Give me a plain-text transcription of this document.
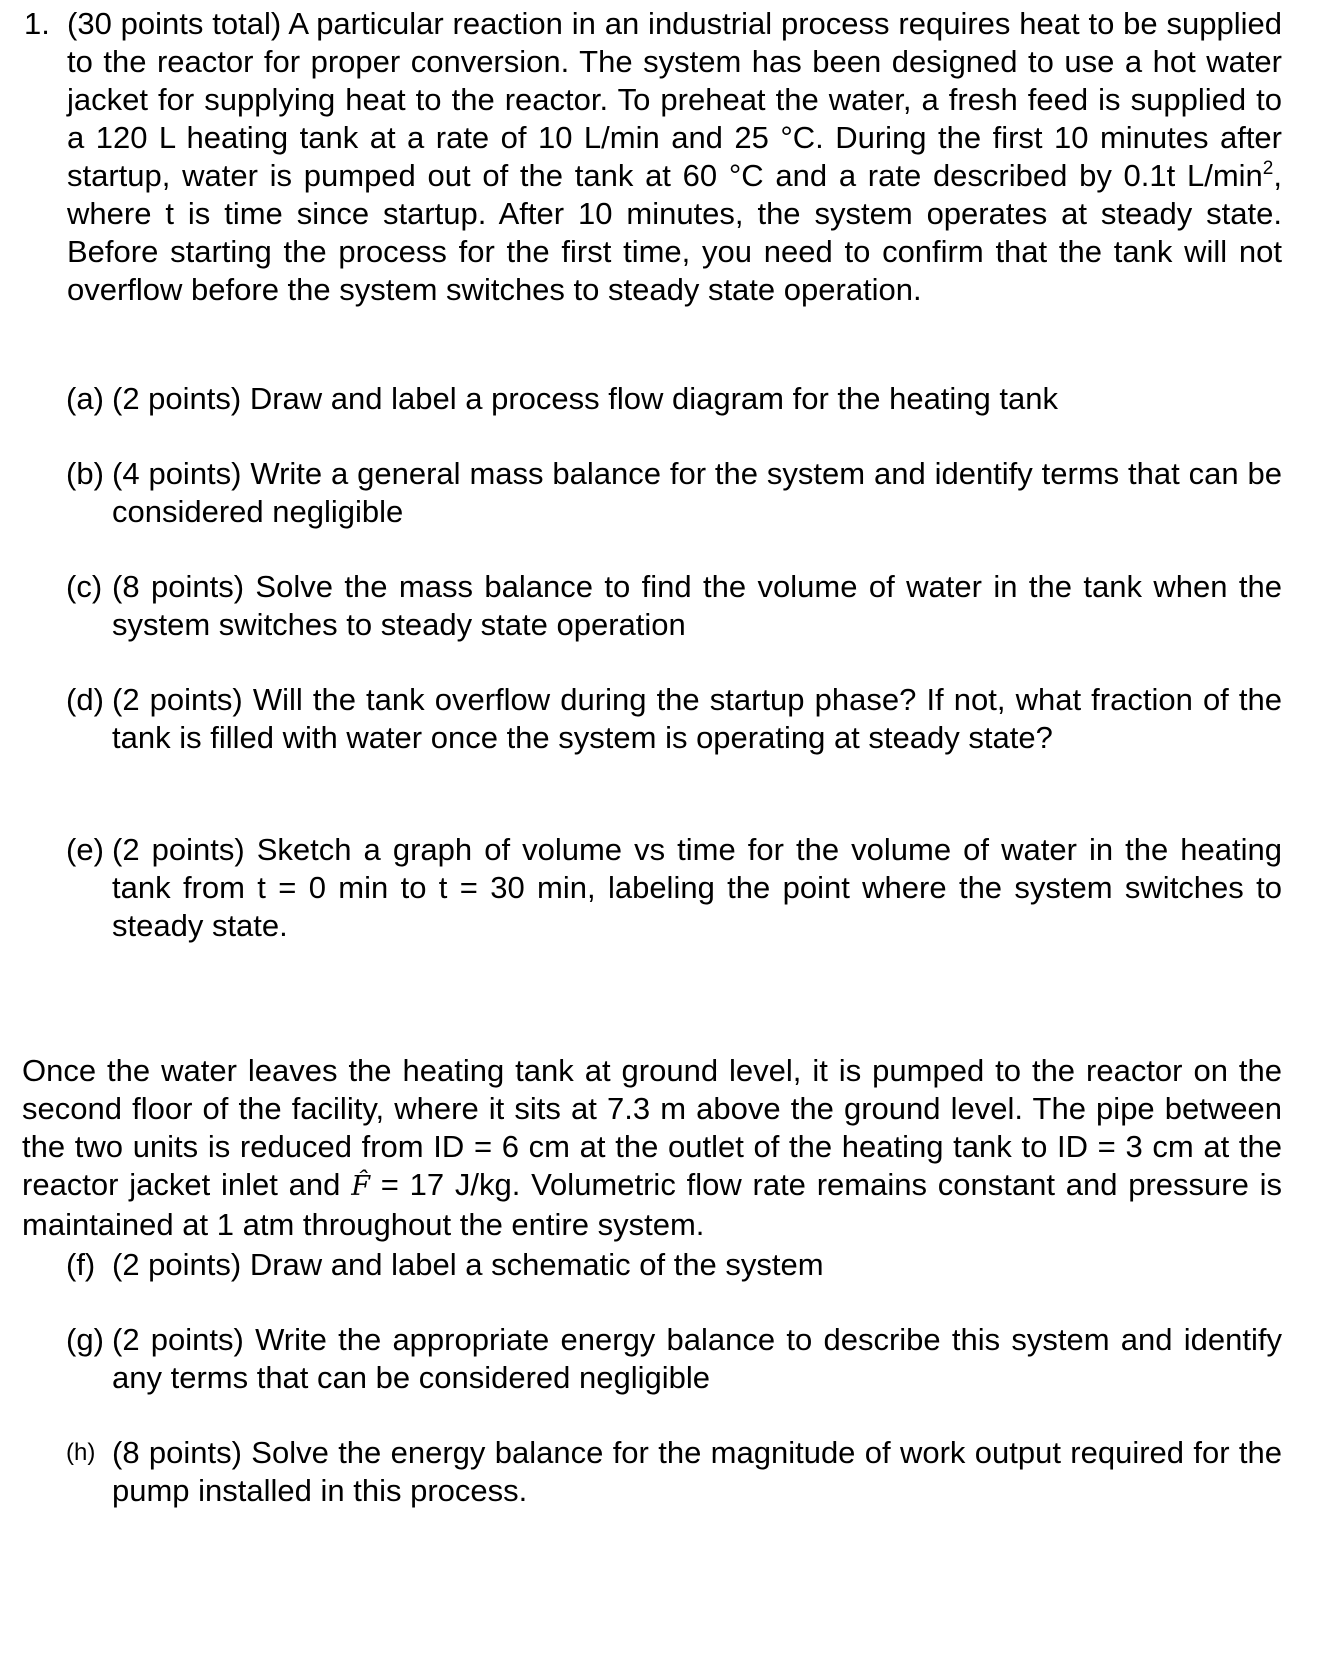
1. (30 points total) A particular reaction in an industrial process requires heat to be supplied to the reactor for proper conversion. The system has been designed to use a hot water jacket for supplying heat to the reactor. To preheat the water, a fresh feed is supplied to a 120 L heating tank at a rate of 10 L/min and 25 °C. During the first 10 minutes after startup, water is pumped out of the tank at 60 °C and a rate described by 0.1t $L/\min^2$, where t is time since startup. After 10 minutes, the system operates at steady state. Before starting the process for the first time, you need to confirm that the tank will not overflow before the system switches to steady state operation.
(a) (2 points) Draw and label a process flow diagram for the heating tank
(b) (4 points) Write a general mass balance for the system and identify terms that can be considered negligible
(c) (8 points) Solve the mass balance to find the volume of water in the tank when the system switches to steady state operation
(d) (2 points) Will the tank overflow during the startup phase? If not, what fraction of the tank is filled with water once the system is operating at steady state?
(e) (2 points) Sketch a graph of volume vs time for the volume of water in the heating tank from t = 0 min to t = 30 min, labeling the point where the system switches to steady state.
Once the water leaves the heating tank at ground level, it is pumped to the reactor on the second floor of the facility, where it sits at 7.3 m above the ground level. The pipe between the two units is reduced from ID = 6 cm at the outlet of the heating tank to ID = 3 cm at the reactor jacket inlet and F̂ = 17 J/kg. Volumetric flow rate remains constant and pressure is maintained at 1 atm throughout the entire system.
(f) (2 points) Draw and label a schematic of the system
(g) (2 points) Write the appropriate energy balance to describe this system and identify any terms that can be considered negligible
(h) (8 points) Solve the energy balance for the magnitude of work output required for the pump installed in this process.
